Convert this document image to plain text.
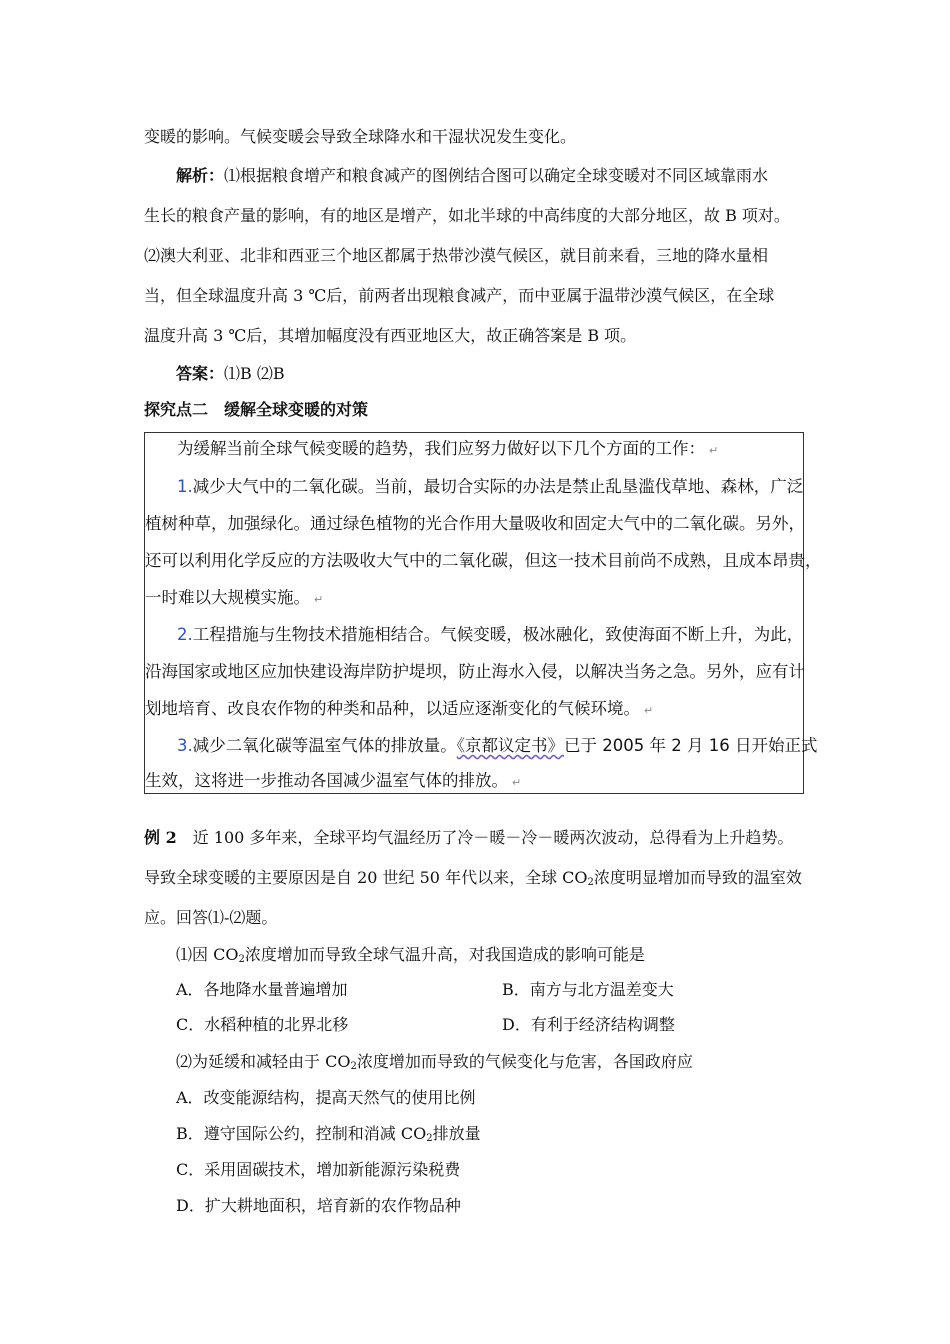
变暖的影响。气候变暖会导致全球降水和干湿状况发生变化。
解析：⑴根据粮食增产和粮食减产的图例结合图可以确定全球变暖对不同区域靠雨水
生长的粮食产量的影响，有的地区是增产，如北半球的中高纬度的大部分地区，故 B 项对。
⑵澳大利亚、北非和西亚三个地区都属于热带沙漠气候区，就目前来看，三地的降水量相
当，但全球温度升高 3 ℃后，前两者出现粮食减产，而中亚属于温带沙漠气候区，在全球
温度升高 3 ℃后，其增加幅度没有西亚地区大，故正确答案是 B 项。
答案：⑴B ⑵B
探究点二　缓解全球变暖的对策
为缓解当前全球气候变暖的趋势，我们应努力做好以下几个方面的工作： ↵
1.减少大气中的二氧化碳。当前，最切合实际的办法是禁止乱垦滥伐草地、森林，广泛
植树种草，加强绿化。通过绿色植物的光合作用大量吸收和固定大气中的二氧化碳。另外，
还可以利用化学反应的方法吸收大气中的二氧化碳，但这一技术目前尚不成熟，且成本昂贵，
一时难以大规模实施。 ↵
2.工程措施与生物技术措施相结合。气候变暖，极冰融化，致使海面不断上升，为此，
沿海国家或地区应加快建设海岸防护堤坝，防止海水入侵，以解决当务之急。另外，应有计
划地培育、改良农作物的种类和品种，以适应逐渐变化的气候环境。 ↵
3.减少二氧化碳等温室气体的排放量。《京都议定书》已于 2005 年 2 月 16 日开始正式
生效，这将进一步推动各国减少温室气体的排放。 ↵
例 2　近 100 多年来，全球平均气温经历了冷－暖－冷－暖两次波动，总得看为上升趋势。
导致全球变暖的主要原因是自 20 世纪 50 年代以来，全球 $CO_2$浓度明显增加而导致的温室效
应。回答⑴-⑵题。
⑴因 $CO_2$浓度增加而导致全球气温升高，对我国造成的影响可能是
A．各地降水量普遍增加	B．南方与北方温差变大
C．水稻种植的北界北移	D．有利于经济结构调整
⑵为延缓和减轻由于 $CO_2$浓度增加而导致的气候变化与危害，各国政府应
A．改变能源结构，提高天然气的使用比例
B．遵守国际公约，控制和消减 $CO_2$排放量
C．采用固碳技术，增加新能源污染税费
D．扩大耕地面积，培育新的农作物品种
